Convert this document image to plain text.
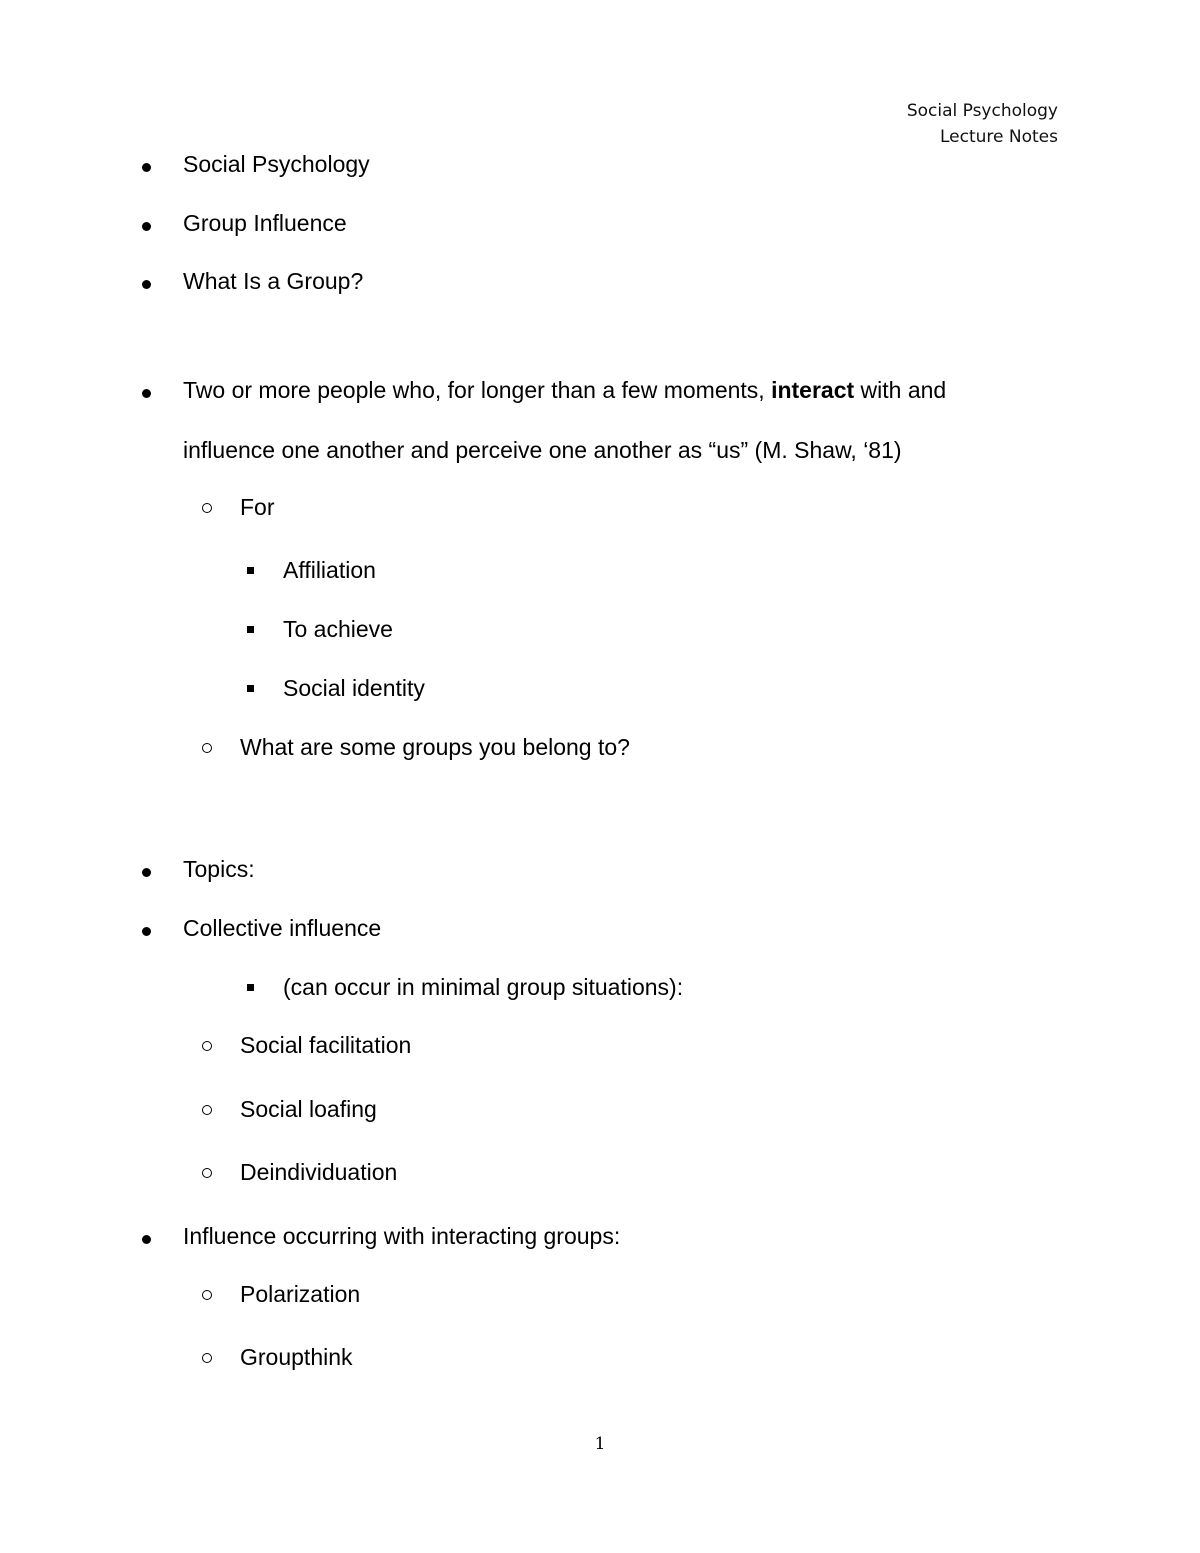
Social Psychology
Lecture Notes
Social Psychology
Group Influence
What Is a Group?
Two or more people who, for longer than a few moments, interact with and
influence one another and perceive one another as “us” (M. Shaw, ‘81)
For
Affiliation
To achieve
Social identity
What are some groups you belong to?
Topics:
Collective influence
(can occur in minimal group situations):
Social facilitation
Social loafing
Deindividuation
Influence occurring with interacting groups:
Polarization
Groupthink
1
